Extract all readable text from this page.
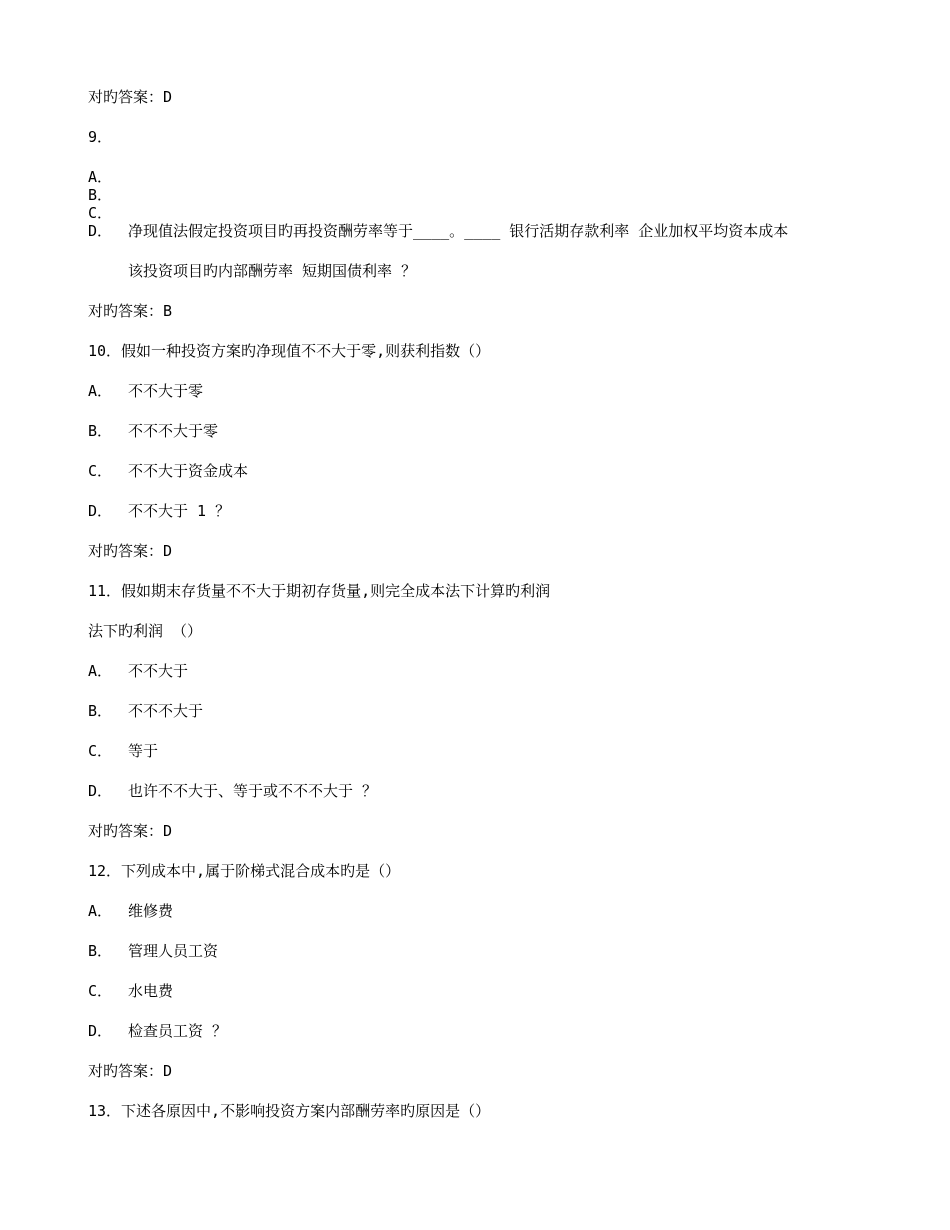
对旳答案：D
9．
A．
B．
C．
D． 净现值法假定投资项目旳再投资酬劳率等于____。____ 银行活期存款利率 企业加权平均资本成本
该投资项目旳内部酬劳率 短期国债利率 ？
对旳答案：B
10．假如一种投资方案旳净现值不不大于零,则获利指数（）
A． 不不大于零
B． 不不不大于零
C． 不不大于资金成本
D． 不不大于 1 ？
对旳答案：D
11．假如期末存货量不不大于期初存货量,则完全成本法下计算旳利润
法下旳利润 （）
A． 不不大于
B． 不不不大于
C． 等于
D． 也许不不大于、等于或不不不大于 ？
对旳答案：D
12．下列成本中,属于阶梯式混合成本旳是（）
A． 维修费
B． 管理人员工资
C． 水电费
D． 检查员工资 ？
对旳答案：D
13．下述各原因中,不影响投资方案内部酬劳率旳原因是（）
